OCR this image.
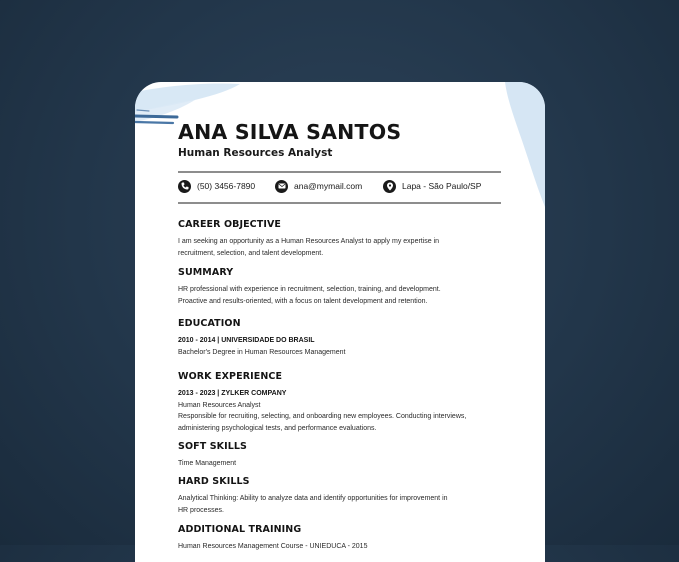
ANA SILVA SANTOS

Human Resources Analyst

(50) 3456-7890	ana@mymail.com	Lapa - São Paulo/SP
CAREER OBJECTIVE

I am seeking an opportunity as a Human Resources Analyst to apply my expertise in

recruitment, selection, and talent development.

SUMMARY

HR professional with experience in recruitment, selection, training, and development.

Proactive and results-oriented, with a focus on talent development and retention.

EDUCATION

2010 - 2014 | UNIVERSIDADE DO BRASIL

Bachelor's Degree in Human Resources Management

WORK EXPERIENCE

2013 - 2023 | ZYLKER COMPANY

Human Resources Analyst

Responsible for recruiting, selecting, and onboarding new employees. Conducting interviews,

administering psychological tests, and performance evaluations.

SOFT SKILLS

Time Management

HARD SKILLS

Analytical Thinking: Ability to analyze data and identify opportunities for improvement in

HR processes.

ADDITIONAL TRAINING

Human Resources Management Course - UNIEDUCA - 2015
